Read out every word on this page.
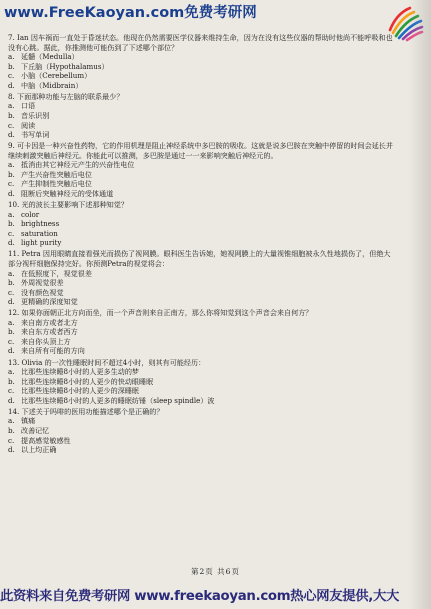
www.FreeKaoyan.com免费考研网

7. Ian 因车祸而一直处于昏迷状态。他现在仍然需要医学仪器来维持生命，因为在没有这些仪器的帮助时他尚不能呼吸和也没有心跳。据此，你推测他可能伤到了下述哪个部位？

a. 延髓（Medulla）
b. 下丘脑（Hypothalamus）
c. 小脑（Cerebellum）
d. 中脑（Midbrain）

8. 下面那种功能与左脑的联系最少？

a. 口语
b. 音乐识别
c. 阅读
d. 书写单词

9. 可卡因是一种兴奋性药物，它的作用机理是阻止神经系统中多巴胺的吸收。这就是说多巴胺在突触中停留的时间会延长并继续刺激突触后神经元。你能此可以推测，多巴胺是通过一一来影响突触后神经元的。

a. 抵消由其它神经元产生的兴奋性电位
b. 产生兴奋性突触后电位
c. 产生抑制性突触后电位
d. 阻断后突触神经元的受体通道

10. 光的波长主要影响下述那种知觉？

a. color
b. brightness
c. saturation
d. light purity

11. Petra 因用眼睛直接看强光而损伤了视网膜。眼科医生告诉她，她视网膜上的大量视锥细胞被永久性地损伤了，但绝大部分视杆细胞保持完好。你预测Petra的视觉将会：

a. 在低照度下，视觉很差
b. 外周视觉很差
c. 没有颜色视觉
d. 更精确的深度知觉

12. 如果你面朝正北方向而坐，而一个声音则来自正南方，那么你将知觉到这个声音会来自何方？

a. 来自南方或者北方
b. 来自东方或者西方
c. 来自你头顶上方
d. 来自所有可能的方向

13. Olivia 的一次性睡眠时间不超过4小时，则其有可能经历：

a. 比那些连续睡8小时的人更多生动的梦
b. 比那些连续睡8小时的人更少的快动眼睡眠
c. 比那些连续睡8小时的人更少的深睡眠
d. 比那些连续睡8小时的人更多的睡眠纺锤（sleep spindle）波

14. 下述关于吗啡的医用功能描述哪个是正确的？

a. 镇痛
b. 改善记忆
c. 提高感觉敏感性
d. 以上均正确
第2页 共6页
此资料来自免费考研网 www.freekaoyan.com热心网友提供,大大
